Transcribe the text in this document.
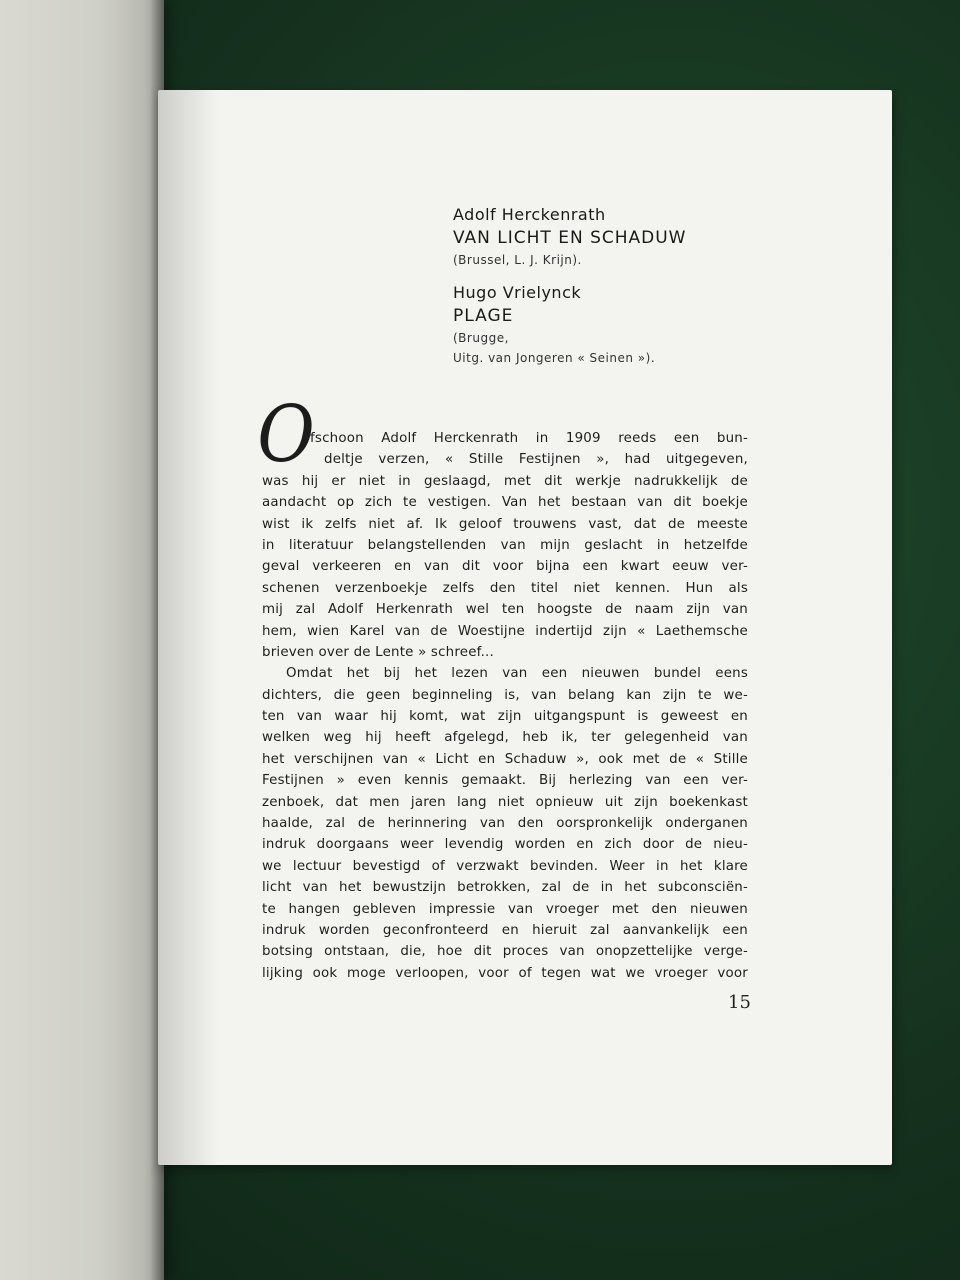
Adolf Herckenrath
VAN LICHT EN SCHADUW
(Brussel, L. J. Krijn).
Hugo Vrielynck
PLAGE
(Brugge,
Uitg. van Jongeren « Seinen »).
O
fschoon Adolf Herckenrath in 1909 reeds een bun-
deltje verzen, « Stille Festijnen », had uitgegeven,
was hij er niet in geslaagd, met dit werkje nadrukkelijk de
aandacht op zich te vestigen. Van het bestaan van dit boekje
wist ik zelfs niet af. Ik geloof trouwens vast, dat de meeste
in literatuur belangstellenden van mijn geslacht in hetzelfde
geval verkeeren en van dit voor bijna een kwart eeuw ver-
schenen verzenboekje zelfs den titel niet kennen. Hun als
mij zal Adolf Herkenrath wel ten hoogste de naam zijn van
hem, wien Karel van de Woestijne indertijd zijn « Laethemsche
brieven over de Lente » schreef...
Omdat het bij het lezen van een nieuwen bundel eens
dichters, die geen beginneling is, van belang kan zijn te we-
ten van waar hij komt, wat zijn uitgangspunt is geweest en
welken weg hij heeft afgelegd, heb ik, ter gelegenheid van
het verschijnen van « Licht en Schaduw », ook met de « Stille
Festijnen » even kennis gemaakt. Bij herlezing van een ver-
zenboek, dat men jaren lang niet opnieuw uit zijn boekenkast
haalde, zal de herinnering van den oorspronkelijk onderganen
indruk doorgaans weer levendig worden en zich door de nieu-
we lectuur bevestigd of verzwakt bevinden. Weer in het klare
licht van het bewustzijn betrokken, zal de in het subconsciën-
te hangen gebleven impressie van vroeger met den nieuwen
indruk worden geconfronteerd en hieruit zal aanvankelijk een
botsing ontstaan, die, hoe dit proces van onopzettelijke verge-
lijking ook moge verloopen, voor of tegen wat we vroeger voor
15
